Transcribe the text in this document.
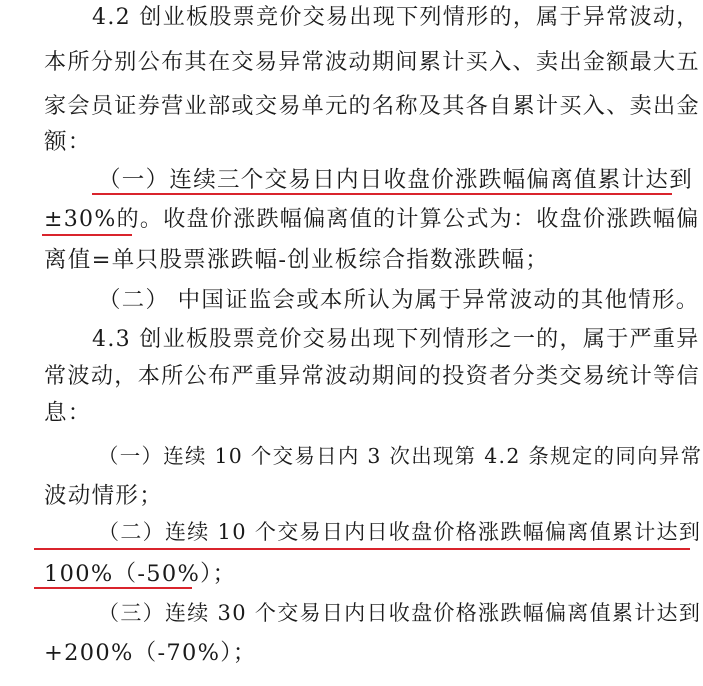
4.2 创业板股票竞价交易出现下列情形的，属于异常波动，
本所分别公布其在交易异常波动期间累计买入、卖出金额最大五
家会员证券营业部或交易单元的名称及其各自累计买入、卖出金
额：
（一）连续三个交易日内日收盘价涨跌幅偏离值累计达到
±30%的。收盘价涨跌幅偏离值的计算公式为：收盘价涨跌幅偏
离值=单只股票涨跌幅-创业板综合指数涨跌幅；
（二） 中国证监会或本所认为属于异常波动的其他情形。
4.3 创业板股票竞价交易出现下列情形之一的，属于严重异
常波动，本所公布严重异常波动期间的投资者分类交易统计等信
息：
（一）连续 10 个交易日内 3 次出现第 4.2 条规定的同向异常
波动情形；
（二）连续 10 个交易日内日收盘价格涨跌幅偏离值累计达到
100%（-50%）；
（三）连续 30 个交易日内日收盘价格涨跌幅偏离值累计达到
+200%（-70%）；
